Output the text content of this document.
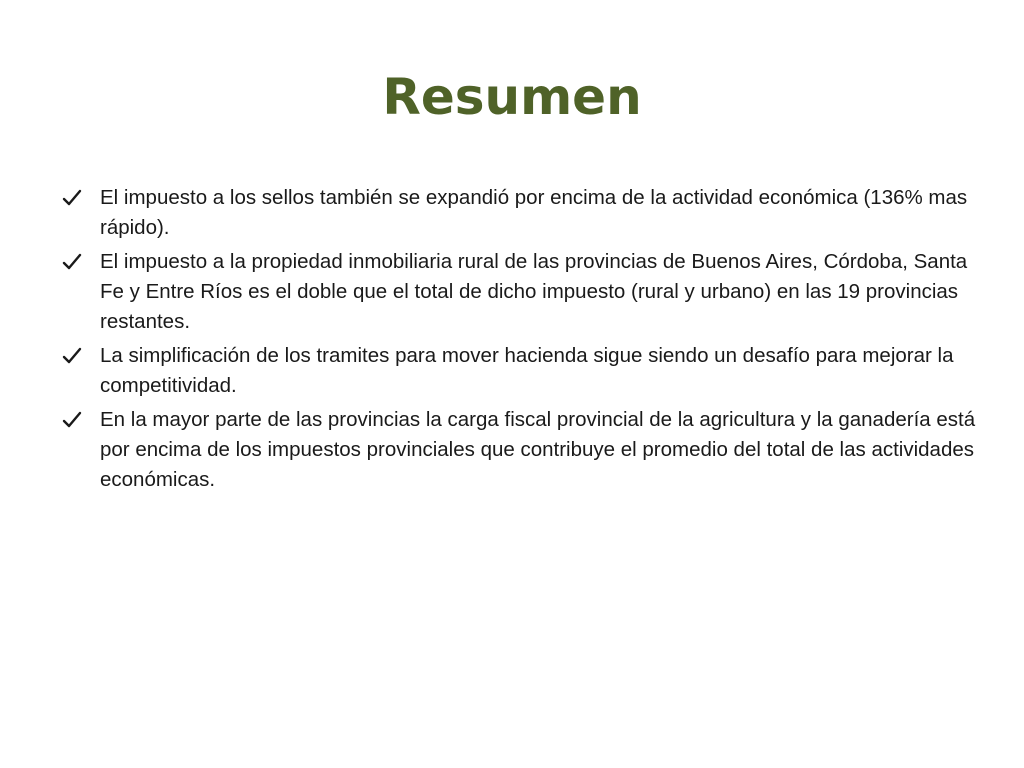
Resumen
El impuesto a los sellos también se expandió por encima de la actividad económica (136% mas rápido).
El impuesto a la propiedad inmobiliaria rural de las provincias de Buenos Aires, Córdoba, Santa Fe y Entre Ríos es el doble que el total de dicho impuesto (rural y urbano) en las 19 provincias restantes.
La simplificación de los tramites para mover hacienda sigue siendo un desafío para mejorar la competitividad.
En la mayor parte de las provincias la carga fiscal provincial de la agricultura y la ganadería está por encima de los impuestos provinciales que contribuye el promedio del total de las actividades económicas.
